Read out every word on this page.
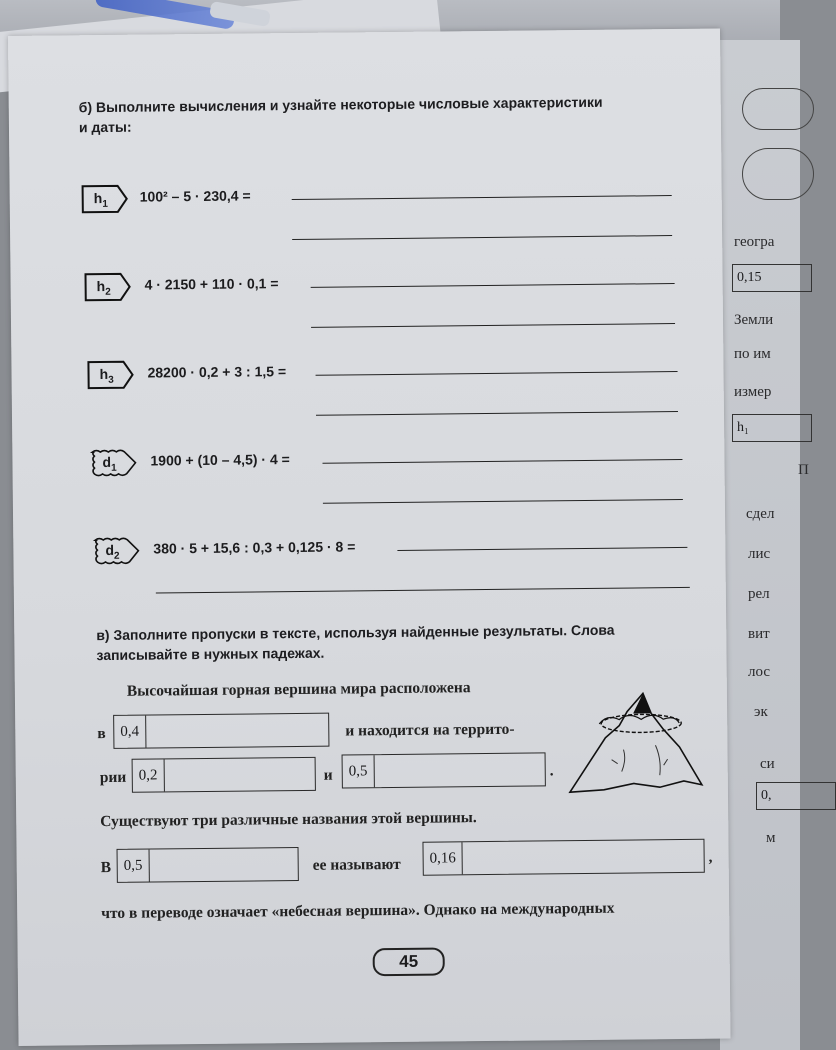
геогра
0,15
Земли
по им
измер
h₁
П
сдел
лис
рел
вит
лос
эк
си
0,
м
б) Выполните вычисления и узнайте некоторые числовые характеристики
и даты:
$h_1$ 100² – 5 · 230,4 =
$h_2$ 4 · 2150 + 110 · 0,1 =
$h_3$ 28200 · 0,2 + 3 : 1,5 =
$d_1$ 1900 + (10 – 4,5) · 4 =
$d_2$ 380 · 5 + 15,6 : 0,3 + 0,125 · 8 =
в) Заполните пропуски в тексте, используя найденные результаты. Слова
записывайте в нужных падежах.
Высочайшая горная вершина мира расположена
в 0,4	и находится на террито-
рии 0,2	и	0,5	.
Существуют три различные названия этой вершины.
В 0,5	ее называют	0,16	,
что в переводе означает «небесная вершина». Однако на международных
45
